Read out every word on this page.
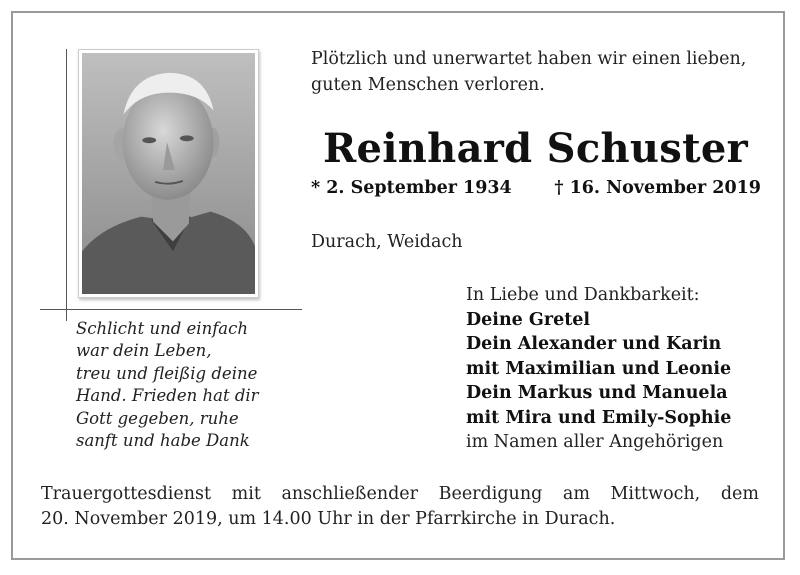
Schlicht und einfach
war dein Leben,
treu und fleißig deine
Hand. Frieden hat dir
Gott gegeben, ruhe
sanft und habe Dank
Plötzlich und unerwartet haben wir einen lieben,
guten Menschen verloren.
Reinhard Schuster
* 2. September 1934 † 16. November 2019
Durach, Weidach
In Liebe und Dankbarkeit:
Deine Gretel
Dein Alexander und Karin
mit Maximilian und Leonie
Dein Markus und Manuela
mit Mira und Emily-Sophie
im Namen aller Angehörigen
Trauergottesdienst mit anschließender Beerdigung am Mittwoch, dem
20. November 2019, um 14.00 Uhr in der Pfarrkirche in Durach.
